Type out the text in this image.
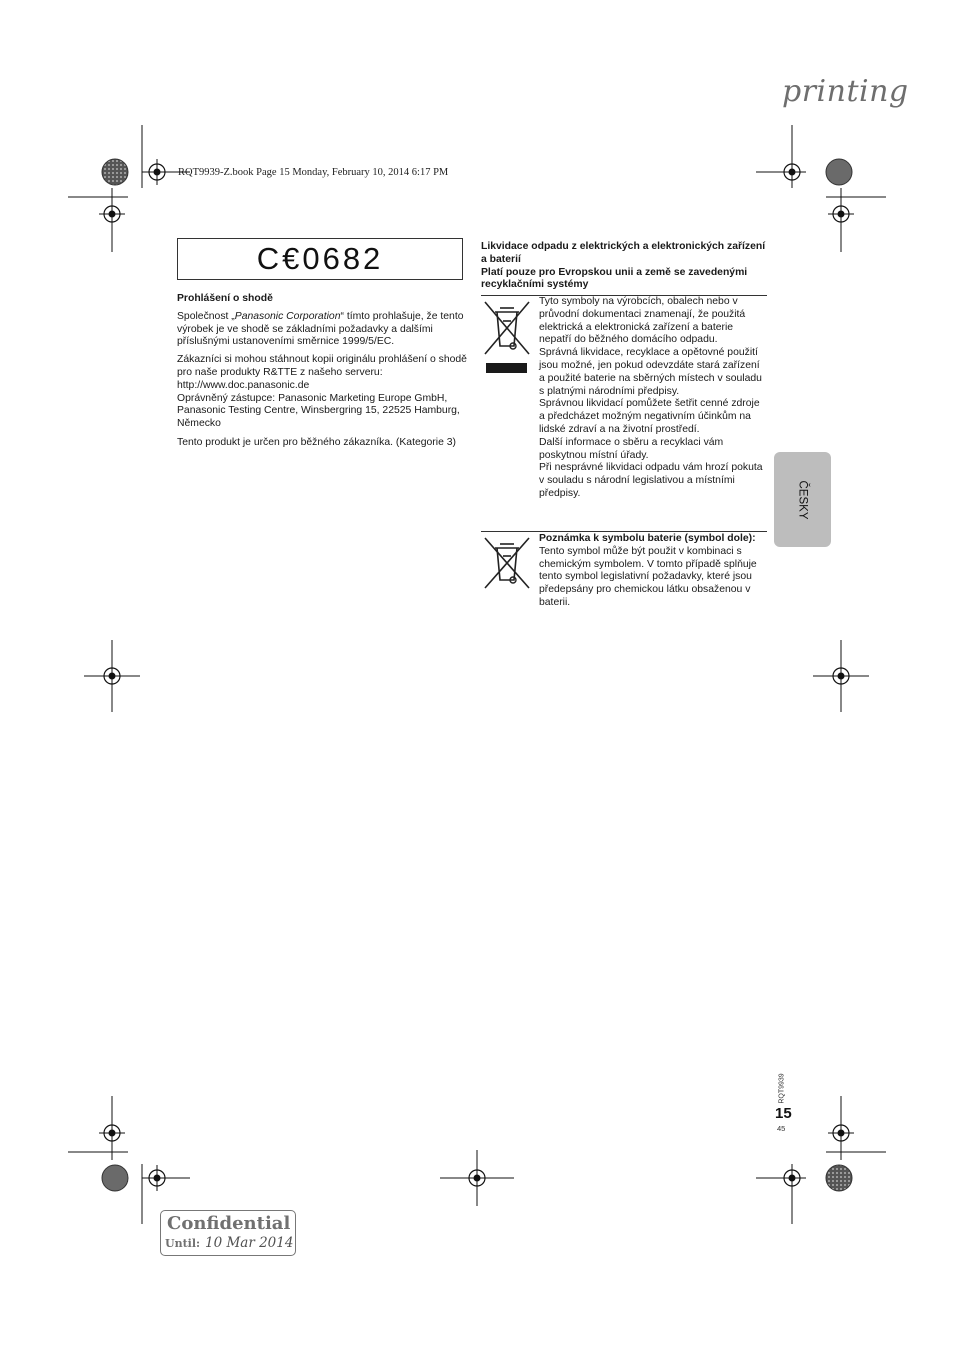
printing
RQT9939-Z.book Page 15 Monday, February 10, 2014 6:17 PM
C€0682

Prohlášení o shodě

Společnost „Panasonic Corporation“ tímto prohlašuje, že tento výrobek je ve shodě se základními požadavky a dalšími příslušnými ustanoveními směrnice 1999/5/EC.

Zákazníci si mohou stáhnout kopii originálu prohlášení o shodě pro naše produkty R&TTE z našeho serveru:
http://www.doc.panasonic.de

Oprávněný zástupce: Panasonic Marketing Europe GmbH, Panasonic Testing Centre, Winsbergring 15, 22525 Hamburg, Německo

Tento produkt je určen pro běžného zákazníka. (Kategorie 3)

Likvidace odpadu z elektrických a elektronických zařízení a baterií

Platí pouze pro Evropskou unii a země se zavedenými recyklačními systémy

Tyto symboly na výrobcích, obalech nebo v průvodní dokumentaci znamenají, že použitá elektrická a elektronická zařízení a baterie nepatří do běžného domácího odpadu.

Správná likvidace, recyklace a opětovné použití jsou možné, jen pokud odevzdáte stará zařízení a použité baterie na sběrných místech v souladu s platnými národními předpisy.

Správnou likvidací pomůžete šetřit cenné zdroje a předcházet možným negativním účinkům na lidské zdraví a na životní prostředí.

Další informace o sběru a recyklaci vám poskytnou místní úřady.

Při nesprávné likvidaci odpadu vám hrozí pokuta v souladu s národní legislativou a místními předpisy.

Poznámka k symbolu baterie (symbol dole):

Tento symbol může být použit v kombinaci s chemickým symbolem. V tomto případě splňuje tento symbol legislativní požadavky, které jsou předepsány pro chemickou látku obsaženou v baterii.

ČESKY
RQT9939
15
45
Confidential
Until: 10 Mar 2014
